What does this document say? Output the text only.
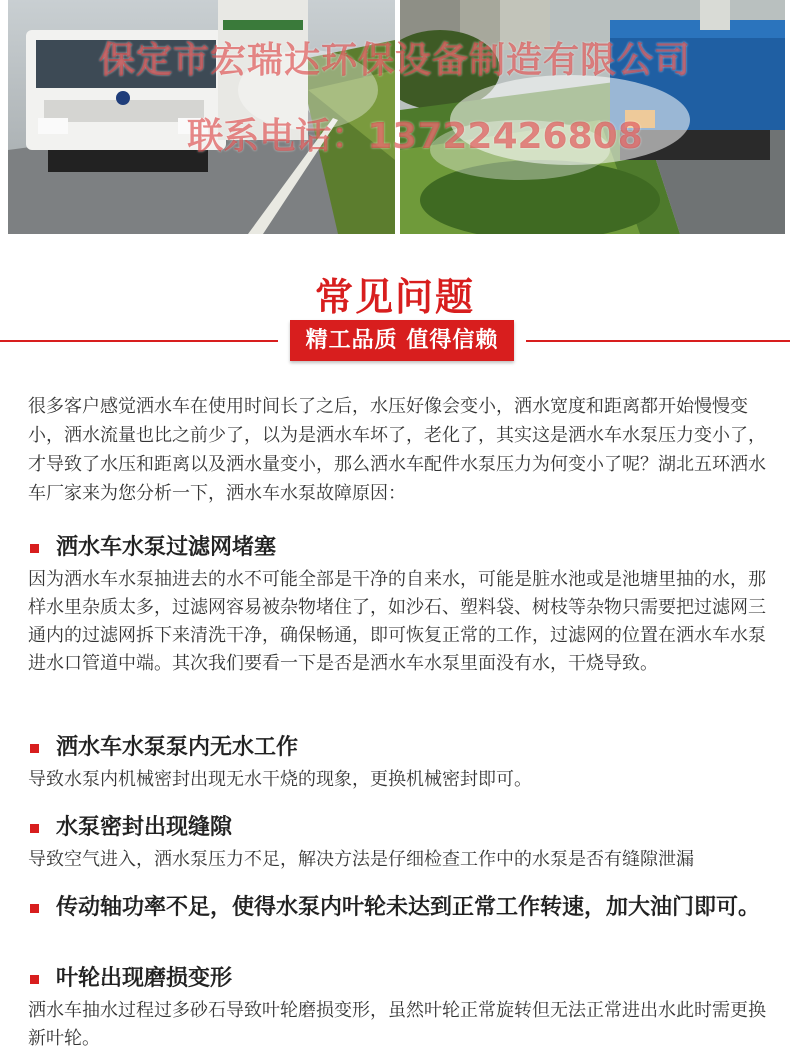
保定市宏瑞达环保设备制造有限公司
联系电话：13722426808
常见问题
精工品质 值得信赖

很多客户感觉洒水车在使用时间长了之后，水压好像会变小，洒水宽度和距离都开始慢慢变小，洒水流量也比之前少了，以为是洒水车坏了，老化了，其实这是洒水车水泵压力变小了，才导致了水压和距离以及洒水量变小，那么洒水车配件水泵压力为何变小了呢？湖北五环洒水车厂家来为您分析一下，洒水车水泵故障原因：

洒水车水泵过滤网堵塞

因为洒水车水泵抽进去的水不可能全部是干净的自来水，可能是脏水池或是池塘里抽的水，那样水里杂质太多，过滤网容易被杂物堵住了，如沙石、塑料袋、树枝等杂物只需要把过滤网三通内的过滤网拆下来清洗干净，确保畅通，即可恢复正常的工作，过滤网的位置在洒水车水泵进水口管道中端。其次我们要看一下是否是洒水车水泵里面没有水，干烧导致。

洒水车水泵泵内无水工作

导致水泵内机械密封出现无水干烧的现象，更换机械密封即可。

水泵密封出现缝隙

导致空气进入，洒水泵压力不足，解决方法是仔细检查工作中的水泵是否有缝隙泄漏

传动轴功率不足，使得水泵内叶轮未达到正常工作转速，加大油门即可。
叶轮出现磨损变形

洒水车抽水过程过多砂石导致叶轮磨损变形，虽然叶轮正常旋转但无法正常进出水此时需更换新叶轮。
